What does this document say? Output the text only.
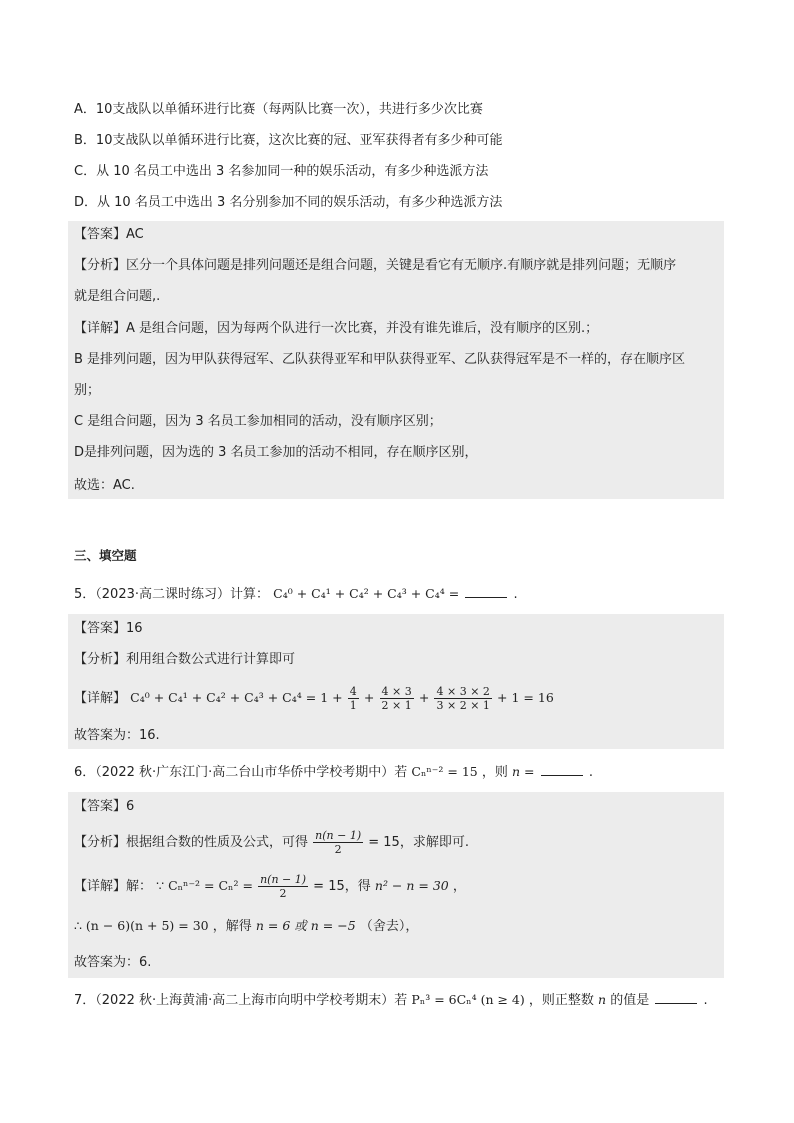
A．10支战队以单循环进行比赛（每两队比赛一次），共进行多少次比赛
B．10支战队以单循环进行比赛，这次比赛的冠、亚军获得者有多少种可能
C．从 10 名员工中选出 3 名参加同一种的娱乐活动，有多少种选派方法
D．从 10 名员工中选出 3 名分别参加不同的娱乐活动，有多少种选派方法
【答案】AC
【分析】区分一个具体问题是排列问题还是组合问题，关键是看它有无顺序.有顺序就是排列问题；无顺序
就是组合问题,.
【详解】A 是组合问题，因为每两个队进行一次比赛，并没有谁先谁后，没有顺序的区别.；
B 是排列问题，因为甲队获得冠军、乙队获得亚军和甲队获得亚军、乙队获得冠军是不一样的，存在顺序区
别；
C 是组合问题，因为 3 名员工参加相同的活动，没有顺序区别；
D是排列问题，因为选的 3 名员工参加的活动不相同，存在顺序区别，
故选：AC.
三、填空题
5．（2023·高二课时练习）计算： C₄⁰ + C₄¹ + C₄² + C₄³ + C₄⁴ =	.
【答案】16
【分析】利用组合数公式进行计算即可
【详解】 $C_4^0 + C_4^1 + C_4^2 + C_4^3 + C_4^4 = 1 + \frac{4}{1} + \frac{4 \times 3}{2 \times 1} + \frac{4 \times 3 \times 2}{3 \times 2 \times 1} + 1 = 16$
故答案为：16.
6．（2022 秋·广东江门·高二台山市华侨中学校考期中）若 Cₙⁿ⁻² = 15 ，则 n =	.
【答案】6
【分析】根据组合数的性质及公式，可得 $\frac{n(n - 1)}{2} = 15$，求解即可.
【详解】解： ∵ $C_n^{n-2} = C_n^2 = \frac{n(n - 1)}{2} = 15$，得 n² − n = 30 ，
∴ (n − 6)(n + 5) = 30 ，解得 n = 6 或 n = −5 （舍去），
故答案为：6.
7．（2022 秋·上海黄浦·高二上海市向明中学校考期末）若 Pₙ³ = 6Cₙ⁴ (n ≥ 4) ，则正整数 n 的值是	.
